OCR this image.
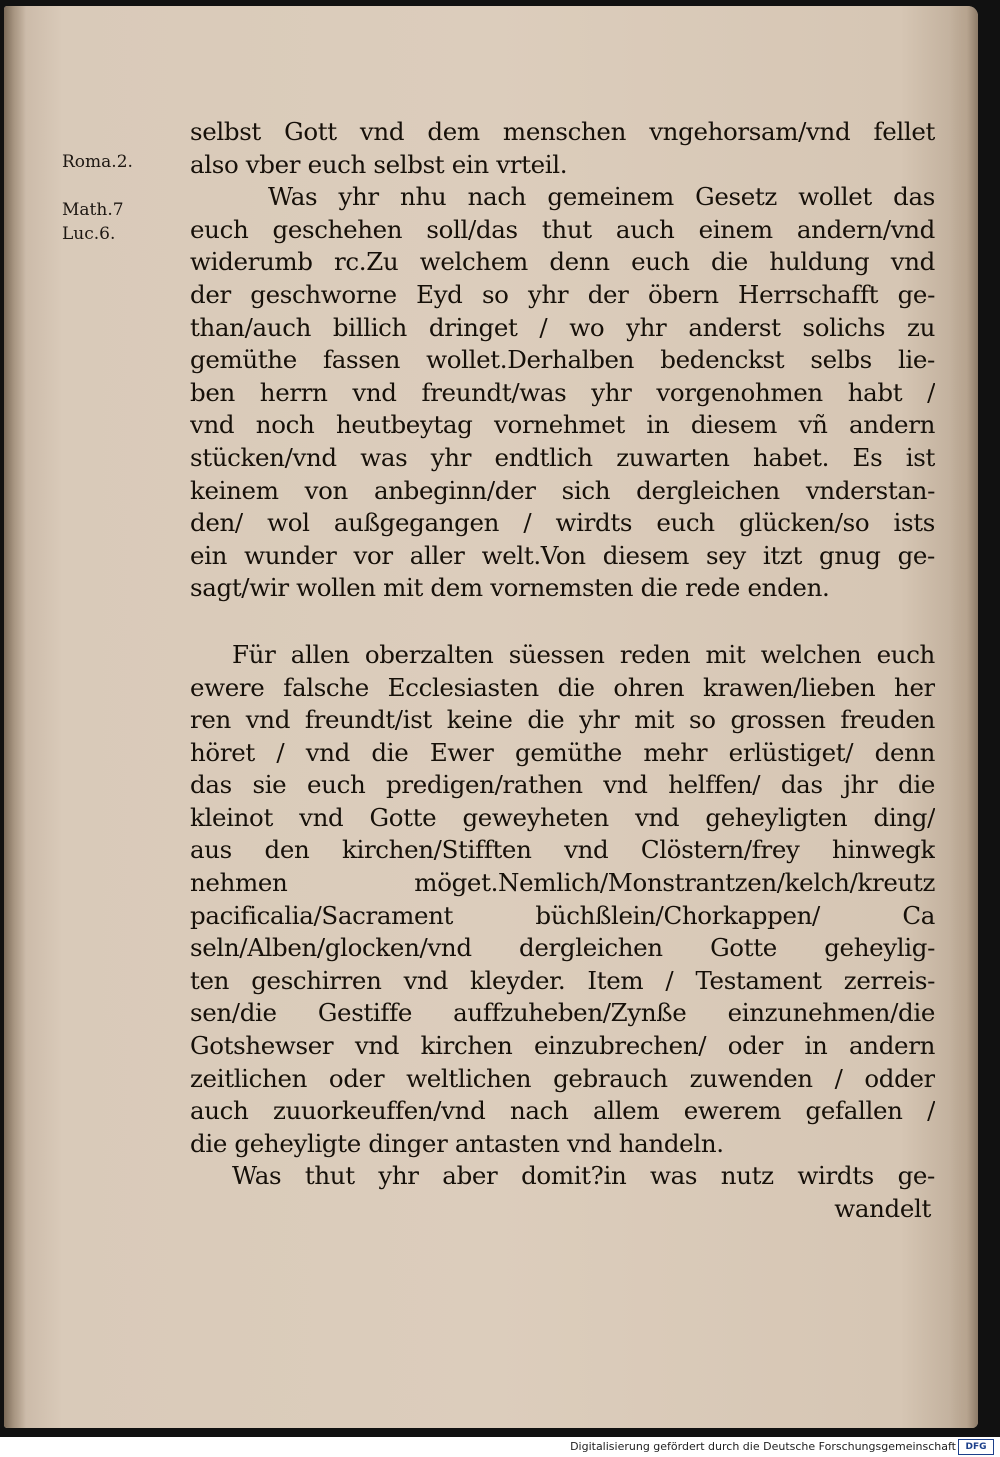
Roma.2.
Math.7
Luc.6.
selbst Gott vnd dem menschen vngehorsam/vnd fellet
also vber euch selbst ein vrteil.
Was yhr nhu nach gemeinem Gesetz wollet das
euch geschehen soll/das thut auch einem andern/vnd
widerumb rc.Zu welchem denn euch die huldung vnd
der geschworne Eyd so yhr der öbern Herrschafft ge-
than/auch billich dringet / wo yhr anderst solichs zu
gemüthe fassen wollet.Derhalben bedenckst selbs lie-
ben herrn vnd freundt/was yhr vorgenohmen habt /
vnd noch heutbeytag vornehmet in diesem vñ andern
stücken/vnd was yhr endtlich zuwarten habet. Es ist
keinem von anbeginn/der sich dergleichen vnderstan-
den/ wol außgegangen / wirdts euch glücken/so ists
ein wunder vor aller welt.Von diesem sey itzt gnug ge-
sagt/wir wollen mit dem vornemsten die rede enden.
Für allen oberzalten süessen reden mit welchen euch
ewere falsche Ecclesiasten die ohren krawen/lieben her
ren vnd freundt/ist keine die yhr mit so grossen freuden
höret / vnd die Ewer gemüthe mehr erlüstiget/ denn
das sie euch predigen/rathen vnd helffen/ das jhr die
kleinot vnd Gotte geweyheten vnd geheyligten ding/
aus den kirchen/Stifften vnd Clöstern/frey hinwegk
nehmen möget.Nemlich/Monstrantzen/kelch/kreutz
pacificalia/Sacrament büchßlein/Chorkappen/ Ca
seln/Alben/glocken/vnd dergleichen Gotte geheylig-
ten geschirren vnd kleyder. Item / Testament zerreis-
sen/die Gestiffe auffzuheben/Zynße einzunehmen/die
Gotshewser vnd kirchen einzubrechen/ oder in andern
zeitlichen oder weltlichen gebrauch zuwenden / odder
auch zuuorkeuffen/vnd nach allem ewerem gefallen /
die geheyligte dinger antasten vnd handeln.
Was thut yhr aber domit?in was nutz wirdts ge-
wandelt
Digitalisierung gefördert durch die Deutsche Forschungsgemeinschaft	DFG
